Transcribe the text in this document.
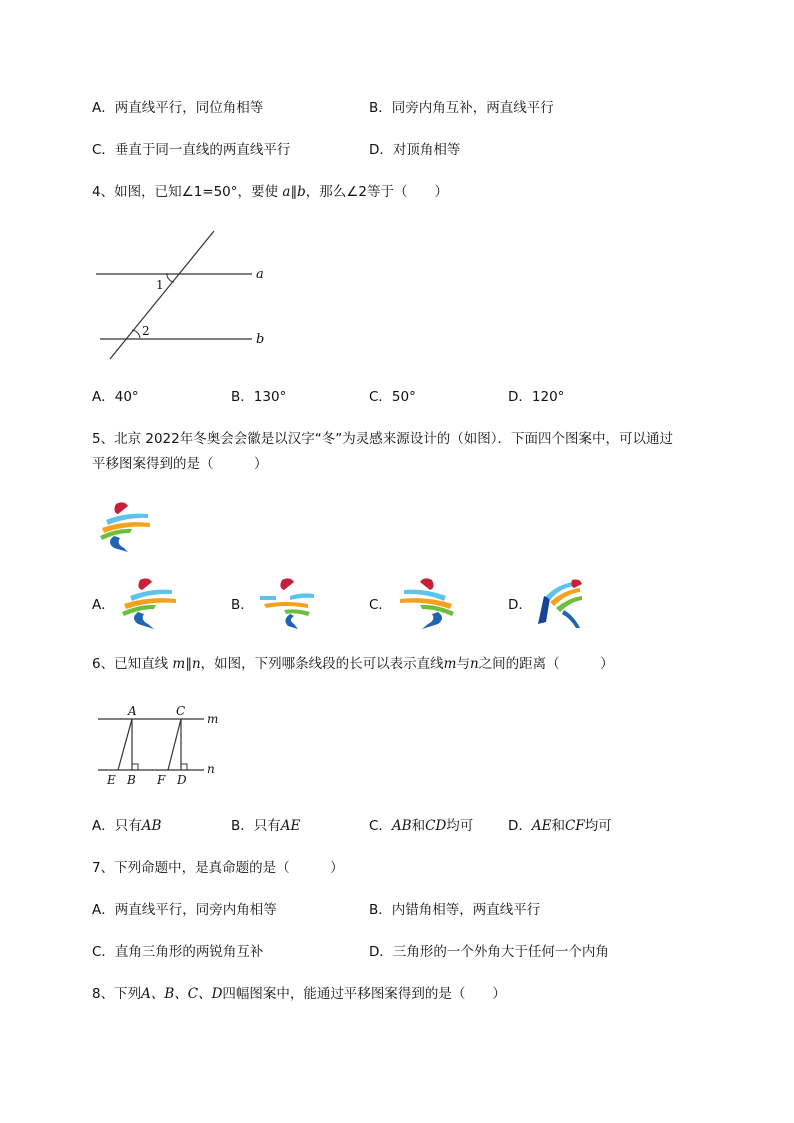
A．两直线平行，同位角相等	B．同旁内角互补，两直线平行
C．垂直于同一直线的两直线平行	D．对顶角相等
4、如图，已知∠1=50°，要使 a∥b，那么∠2等于（　　）
1
2
a
b
A．40°	B．130°	C．50°	D．120°
5、北京 2022年冬奥会会徽是以汉字“冬”为灵感来源设计的（如图）．下面四个图案中，可以通过
平移图案得到的是（　　　）
A．	B．	C．	D．
6、已知直线 m∥n，如图，下列哪条线段的长可以表示直线m与n之间的距离（　　　）
A	C
m
n
E B F D
A．只有AB	B．只有AE	C．AB和CD均可	D．AE和CF均可
7、下列命题中，是真命题的是（　　　）
A．两直线平行，同旁内角相等	B．内错角相等，两直线平行
C．直角三角形的两锐角互补	D．三角形的一个外角大于任何一个内角
8、下列A、B、C、D四幅图案中，能通过平移图案得到的是（　　）
